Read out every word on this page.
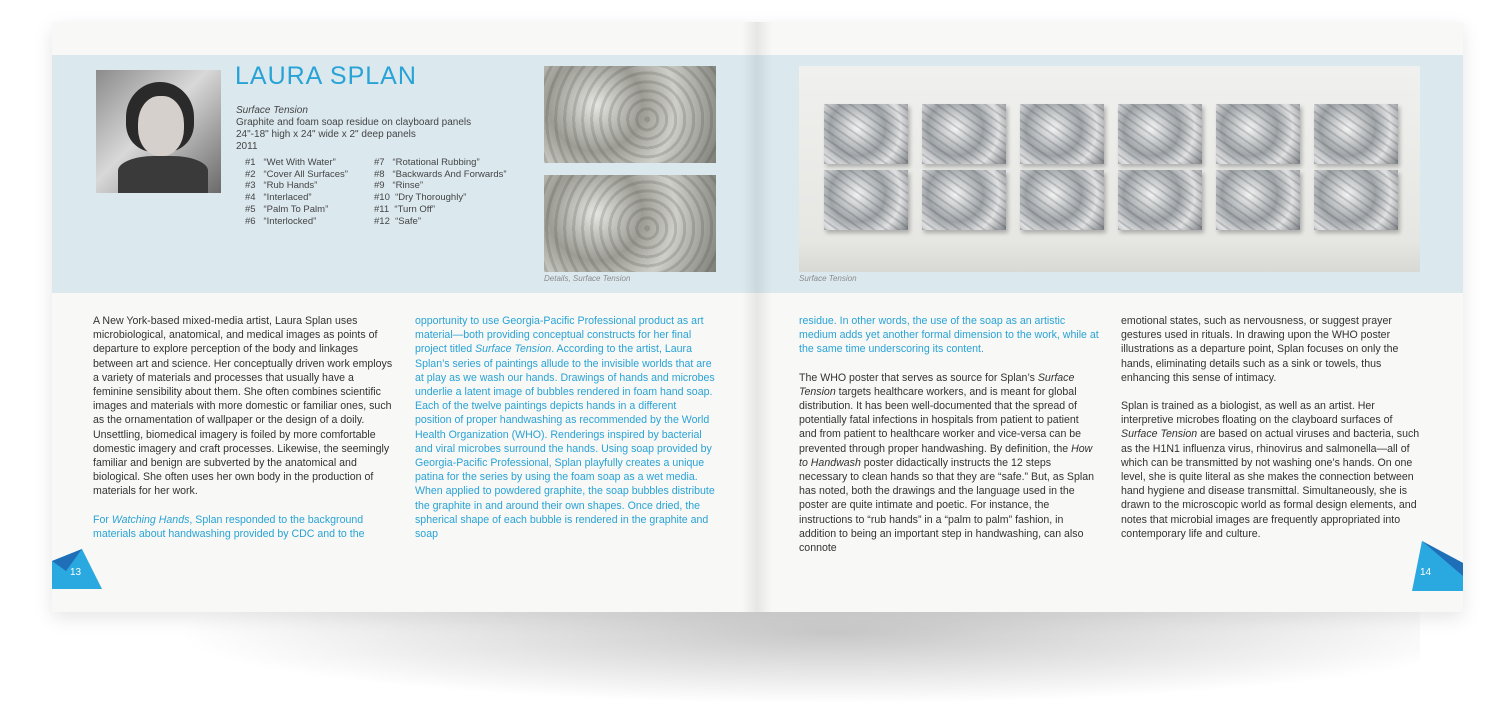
LAURA SPLAN
Surface Tension
Graphite and foam soap residue on clayboard panels
24"-18" high x 24" wide x 2" deep panels
2011
#1   “Wet With Water”
#2   “Cover All Surfaces”
#3   “Rub Hands”
#4   “Interlaced”
#5   “Palm To Palm”
#6   “Interlocked”
#7   “Rotational Rubbing”
#8   “Backwards And Forwards”
#9   “Rinse”
#10  “Dry Thoroughly”
#11  “Turn Off”
#12  “Safe”
Details, Surface Tension	Surface Tension

A New York-based mixed-media artist, Laura Splan uses microbiological, anatomical, and medical images as points of departure to explore perception of the body and linkages between art and science. Her conceptually driven work employs a variety of materials and processes that usually have a feminine sensibility about them. She often combines scientific images and materials with more domestic or familiar ones, such as the ornamentation of wallpaper or the design of a doily. Unsettling, biomedical imagery is foiled by more comfortable domestic imagery and craft processes. Likewise, the seemingly familiar and benign are subverted by the anatomical and biological. She often uses her own body in the production of materials for her work.

For Watching Hands, Splan responded to the background materials about handwashing provided by CDC and to the

opportunity to use Georgia-Pacific Professional product as art material—both providing conceptual constructs for her final project titled Surface Tension. According to the artist, Laura Splan’s series of paintings allude to the invisible worlds that are at play as we wash our hands. Drawings of hands and microbes underlie a latent image of bubbles rendered in foam hand soap. Each of the twelve paintings depicts hands in a different position of proper handwashing as recommended by the World Health Organization (WHO). Renderings inspired by bacterial and viral microbes surround the hands. Using soap provided by Georgia-Pacific Professional, Splan playfully creates a unique patina for the series by using the foam soap as a wet media. When applied to powdered graphite, the soap bubbles distribute the graphite in and around their own shapes. Once dried, the spherical shape of each bubble is rendered in the graphite and soap

residue. In other words, the use of the soap as an artistic medium adds yet another formal dimension to the work, while at the same time underscoring its content.

The WHO poster that serves as source for Splan’s Surface Tension targets healthcare workers, and is meant for global distribution. It has been well-documented that the spread of potentially fatal infections in hospitals from patient to patient and from patient to healthcare worker and vice-versa can be prevented through proper handwashing. By definition, the How to Handwash poster didactically instructs the 12 steps necessary to clean hands so that they are “safe.” But, as Splan has noted, both the drawings and the language used in the poster are quite intimate and poetic. For instance, the instructions to “rub hands” in a “palm to palm” fashion, in addition to being an important step in handwashing, can also connote

emotional states, such as nervousness, or suggest prayer gestures used in rituals. In drawing upon the WHO poster illustrations as a departure point, Splan focuses on only the hands, eliminating details such as a sink or towels, thus enhancing this sense of intimacy.

Splan is trained as a biologist, as well as an artist. Her interpretive microbes floating on the clayboard surfaces of Surface Tension are based on actual viruses and bacteria, such as the H1N1 influenza virus, rhinovirus and salmonella—all of which can be transmitted by not washing one’s hands. On one level, she is quite literal as she makes the connection between hand hygiene and disease transmittal. Simultaneously, she is drawn to the microscopic world as formal design elements, and notes that microbial images are frequently appropriated into contemporary life and culture.

13	14
